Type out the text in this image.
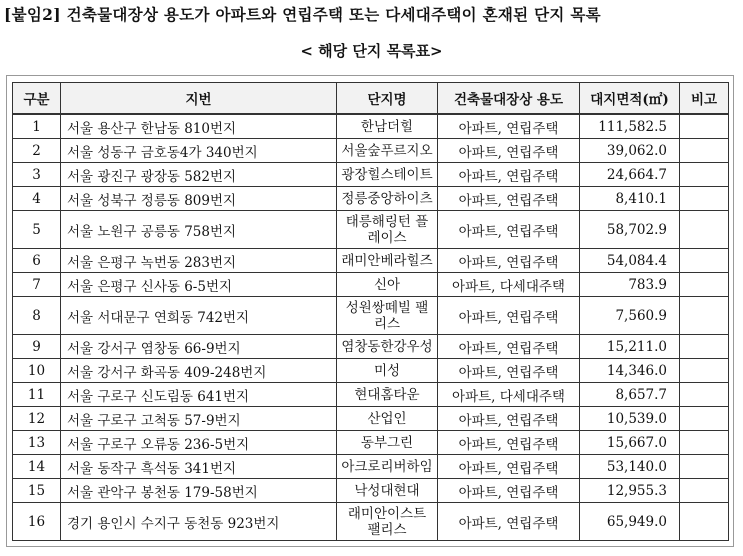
[붙임2] 건축물대장상 용도가 아파트와 연립주택 또는 다세대주택이 혼재된 단지 목록
< 해당 단지 목록표>
구분	지번	단지명	건축물대장상 용도	대지면적(㎡)	비고
1	서울 용산구 한남동 810번지	한남더힐	아파트, 연립주택	111,582.5	
2	서울 성동구 금호동4가 340번지	서울숲푸르지오	아파트, 연립주택	39,062.0	
3	서울 광진구 광장동 582번지	광장힐스테이트	아파트, 연립주택	24,664.7	
4	서울 성북구 정릉동 809번지	정릉중앙하이츠	아파트, 연립주택	8,410.1	
5	서울 노원구 공릉동 758번지	태릉해링턴 플레이스	아파트, 연립주택	58,702.9	
6	서울 은평구 녹번동 283번지	래미안베라힐즈	아파트, 연립주택	54,084.4	
7	서울 은평구 신사동 6-5번지	신아	아파트, 다세대주택	783.9	
8	서울 서대문구 연희동 742번지	성원쌍떼빌 팰리스	아파트, 연립주택	7,560.9	
9	서울 강서구 염창동 66-9번지	염창동한강우성	아파트, 연립주택	15,211.0	
10	서울 강서구 화곡동 409-248번지	미성	아파트, 연립주택	14,346.0	
11	서울 구로구 신도림동 641번지	현대홈타운	아파트, 다세대주택	8,657.7	
12	서울 구로구 고척동 57-9번지	산업인	아파트, 연립주택	10,539.0	
13	서울 구로구 오류동 236-5번지	동부그린	아파트, 연립주택	15,667.0	
14	서울 동작구 흑석동 341번지	아크로리버하임	아파트, 연립주택	53,140.0	
15	서울 관악구 봉천동 179-58번지	낙성대현대	아파트, 연립주택	12,955.3	
16	경기 용인시 수지구 동천동 923번지	래미안이스트 팰리스	아파트, 연립주택	65,949.0	
